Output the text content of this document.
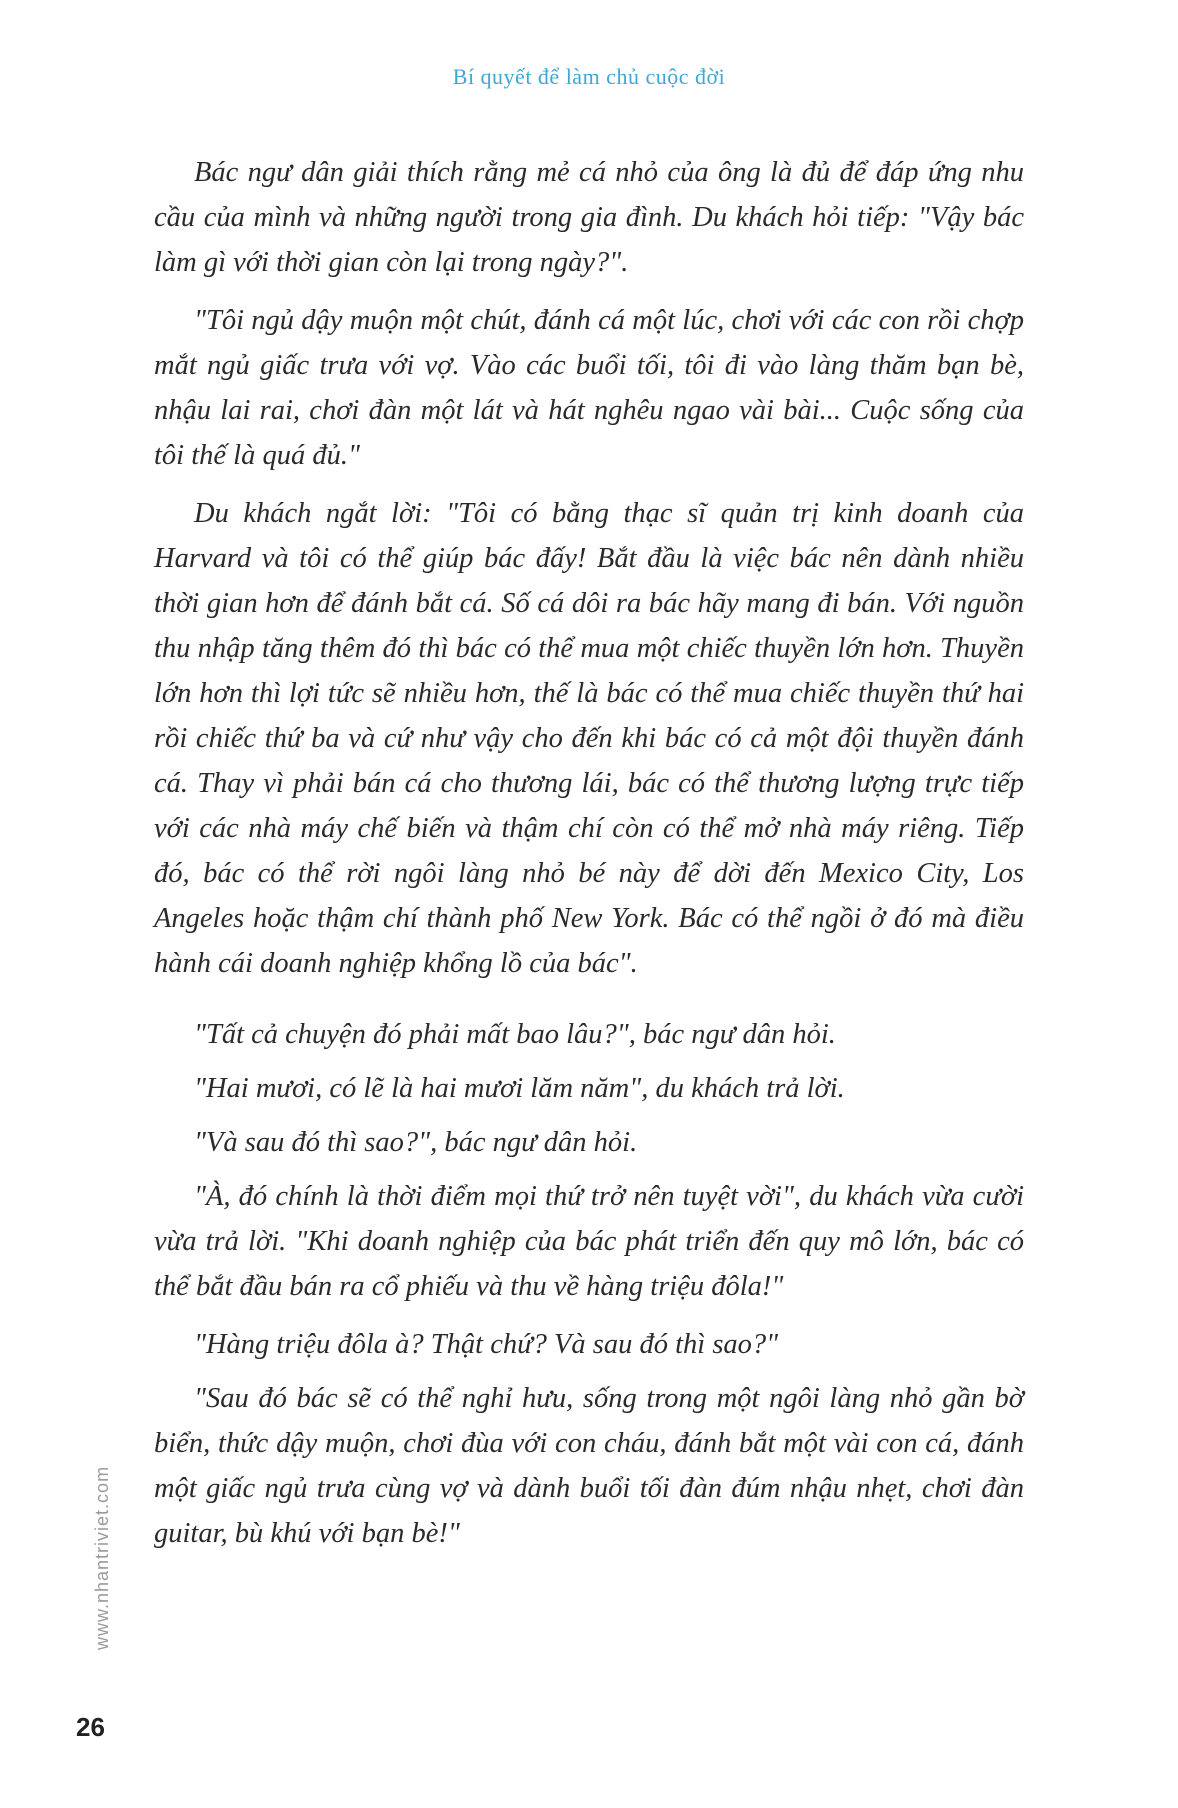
Bí quyết để làm chủ cuộc đời

Bác ngư dân giải thích rằng mẻ cá nhỏ của ông là đủ để đáp ứng nhu cầu của mình và những người trong gia đình. Du khách hỏi tiếp: "Vậy bác làm gì với thời gian còn lại trong ngày?".

"Tôi ngủ dậy muộn một chút, đánh cá một lúc, chơi với các con rồi chợp mắt ngủ giấc trưa với vợ. Vào các buổi tối, tôi đi vào làng thăm bạn bè, nhậu lai rai, chơi đàn một lát và hát nghêu ngao vài bài... Cuộc sống của tôi thế là quá đủ."

Du khách ngắt lời: "Tôi có bằng thạc sĩ quản trị kinh doanh của Harvard và tôi có thể giúp bác đấy! Bắt đầu là việc bác nên dành nhiều thời gian hơn để đánh bắt cá. Số cá dôi ra bác hãy mang đi bán. Với nguồn thu nhập tăng thêm đó thì bác có thể mua một chiếc thuyền lớn hơn. Thuyền lớn hơn thì lợi tức sẽ nhiều hơn, thế là bác có thể mua chiếc thuyền thứ hai rồi chiếc thứ ba và cứ như vậy cho đến khi bác có cả một đội thuyền đánh cá. Thay vì phải bán cá cho thương lái, bác có thể thương lượng trực tiếp với các nhà máy chế biến và thậm chí còn có thể mở nhà máy riêng. Tiếp đó, bác có thể rời ngôi làng nhỏ bé này để dời đến Mexico City, Los Angeles hoặc thậm chí thành phố New York. Bác có thể ngồi ở đó mà điều hành cái doanh nghiệp khổng lồ của bác".

"Tất cả chuyện đó phải mất bao lâu?", bác ngư dân hỏi.

"Hai mươi, có lẽ là hai mươi lăm năm", du khách trả lời.

"Và sau đó thì sao?", bác ngư dân hỏi.

"À, đó chính là thời điểm mọi thứ trở nên tuyệt vời", du khách vừa cười vừa trả lời. "Khi doanh nghiệp của bác phát triển đến quy mô lớn, bác có thể bắt đầu bán ra cổ phiếu và thu về hàng triệu đôla!"

"Hàng triệu đôla à? Thật chứ? Và sau đó thì sao?"

"Sau đó bác sẽ có thể nghỉ hưu, sống trong một ngôi làng nhỏ gần bờ biển, thức dậy muộn, chơi đùa với con cháu, đánh bắt một vài con cá, đánh một giấc ngủ trưa cùng vợ và dành buổi tối đàn đúm nhậu nhẹt, chơi đàn guitar, bù khú với bạn bè!"

www.nhantriviet.com
26
